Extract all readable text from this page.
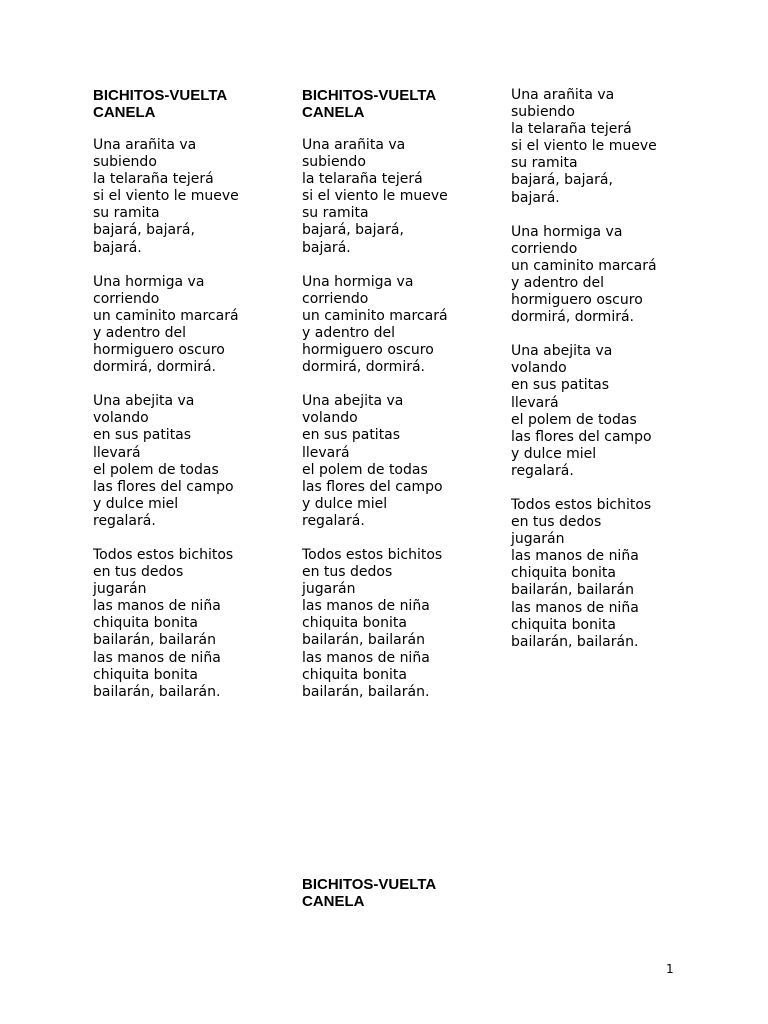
BICHITOS-VUELTA
CANELA
Una arañita va
subiendo
la telaraña tejerá
si el viento le mueve
su ramita
bajará, bajará,
bajará.
Una hormiga va
corriendo
un caminito marcará
y adentro del
hormiguero oscuro
dormirá, dormirá.
Una abejita va
volando
en sus patitas
llevará
el polem de todas
las flores del campo
y dulce miel
regalará.
Todos estos bichitos
en tus dedos
jugarán
las manos de niña
chiquita bonita
bailarán, bailarán
las manos de niña
chiquita bonita
bailarán, bailarán.
BICHITOS-VUELTA
CANELA
Una arañita va
subiendo
la telaraña tejerá
si el viento le mueve
su ramita
bajará, bajará,
bajará.
Una hormiga va
corriendo
un caminito marcará
y adentro del
hormiguero oscuro
dormirá, dormirá.
Una abejita va
volando
en sus patitas
llevará
el polem de todas
las flores del campo
y dulce miel
regalará.
Todos estos bichitos
en tus dedos
jugarán
las manos de niña
chiquita bonita
bailarán, bailarán
las manos de niña
chiquita bonita
bailarán, bailarán.
Una arañita va
subiendo
la telaraña tejerá
si el viento le mueve
su ramita
bajará, bajará,
bajará.
Una hormiga va
corriendo
un caminito marcará
y adentro del
hormiguero oscuro
dormirá, dormirá.
Una abejita va
volando
en sus patitas
llevará
el polem de todas
las flores del campo
y dulce miel
regalará.
Todos estos bichitos
en tus dedos
jugarán
las manos de niña
chiquita bonita
bailarán, bailarán
las manos de niña
chiquita bonita
bailarán, bailarán.
BICHITOS-VUELTA
CANELA
1
